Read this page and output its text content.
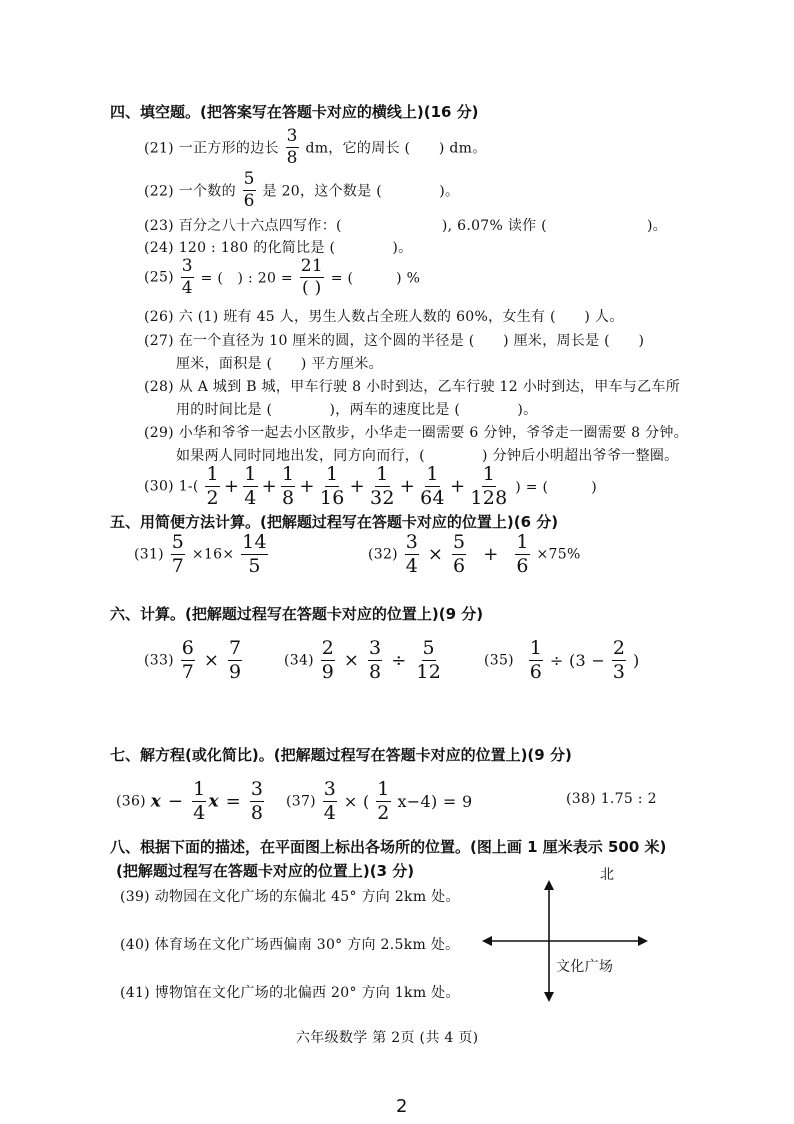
四、填空题。(把答案写在答题卡对应的横线上)(16 分)
(21) 一正方形的边长 $\frac{3}{8}$ dm，它的周长 (　　) dm。
(22) 一个数的 $\frac{5}{6}$ 是 20，这个数是 (　　　　)。
(23) 百分之八十六点四写作：(　　　　　　　), 6.07% 读作 (　　　　　　　)。
(24) 120 : 180 的化简比是 (　　　　)。
$(25) \frac{3}{4}$ = (　) : $20 = \frac{21}{( )}$ = (　　　) %
(26) 六 (1) 班有 45 人，男生人数占全班人数的 60%，女生有 (　　) 人。
(27) 在一个直径为 10 厘米的圆，这个圆的半径是 (　　) 厘米，周长是 (　　)
厘米，面积是 (　　) 平方厘米。
(28) 从 A 城到 B 城，甲车行驶 8 小时到达，乙车行驶 12 小时到达，甲车与乙车所
用的时间比是 (　　　　)，两车的速度比是 (　　　　)。
(29) 小华和爷爷一起去小区散步，小华走一圈需要 6 分钟，爷爷走一圈需要 8 分钟。
如果两人同时同地出发，同方向而行，(　　　　) 分钟后小明超出爷爷一整圈。
(30) $1-( \frac{1}{2} + \frac{1}{4} + \frac{1}{8} + \frac{1}{16} + \frac{1}{32} + \frac{1}{64} + \frac{1}{128}$ ) = (　　　)
五、用简便方法计算。(把解题过程写在答题卡对应的位置上)(6 分)
$(31) \frac{5}{7} \times 16\times \frac{14}{5}$	$(32) \frac{3}{4} \times \frac{5}{6} + \frac{1}{6} \times 75\%$
六、计算。(把解题过程写在答题卡对应的位置上)(9 分)
$(33) \frac{6}{7} \times \frac{7}{9}$	$(34) \frac{2}{9} \times \frac{3}{8} \div \frac{5}{12}$	$(35) \frac{1}{6} \div (3 - \frac{2}{3}$ )
七、解方程(或化简比)。(把解题过程写在答题卡对应的位置上)(9 分)
(36) $x - \frac{1}{4}$ $x = \frac{3}{8} (37) \frac{3}{4}$ × ( $\frac{1}{2} x-4) = 9$	(38) 1.75 : 2
八、根据下面的描述，在平面图上标出各场所的位置。(图上画 1 厘米表示 500 米)
(把解题过程写在答题卡对应的位置上)(3 分)
(39) 动物园在文化广场的东偏北 45° 方向 2km 处。
(40) 体育场在文化广场西偏南 30° 方向 2.5km 处。
(41) 博物馆在文化广场的北偏西 20° 方向 1km 处。
北
文化广场
六年级数学 第 2页 (共 4 页)
2
